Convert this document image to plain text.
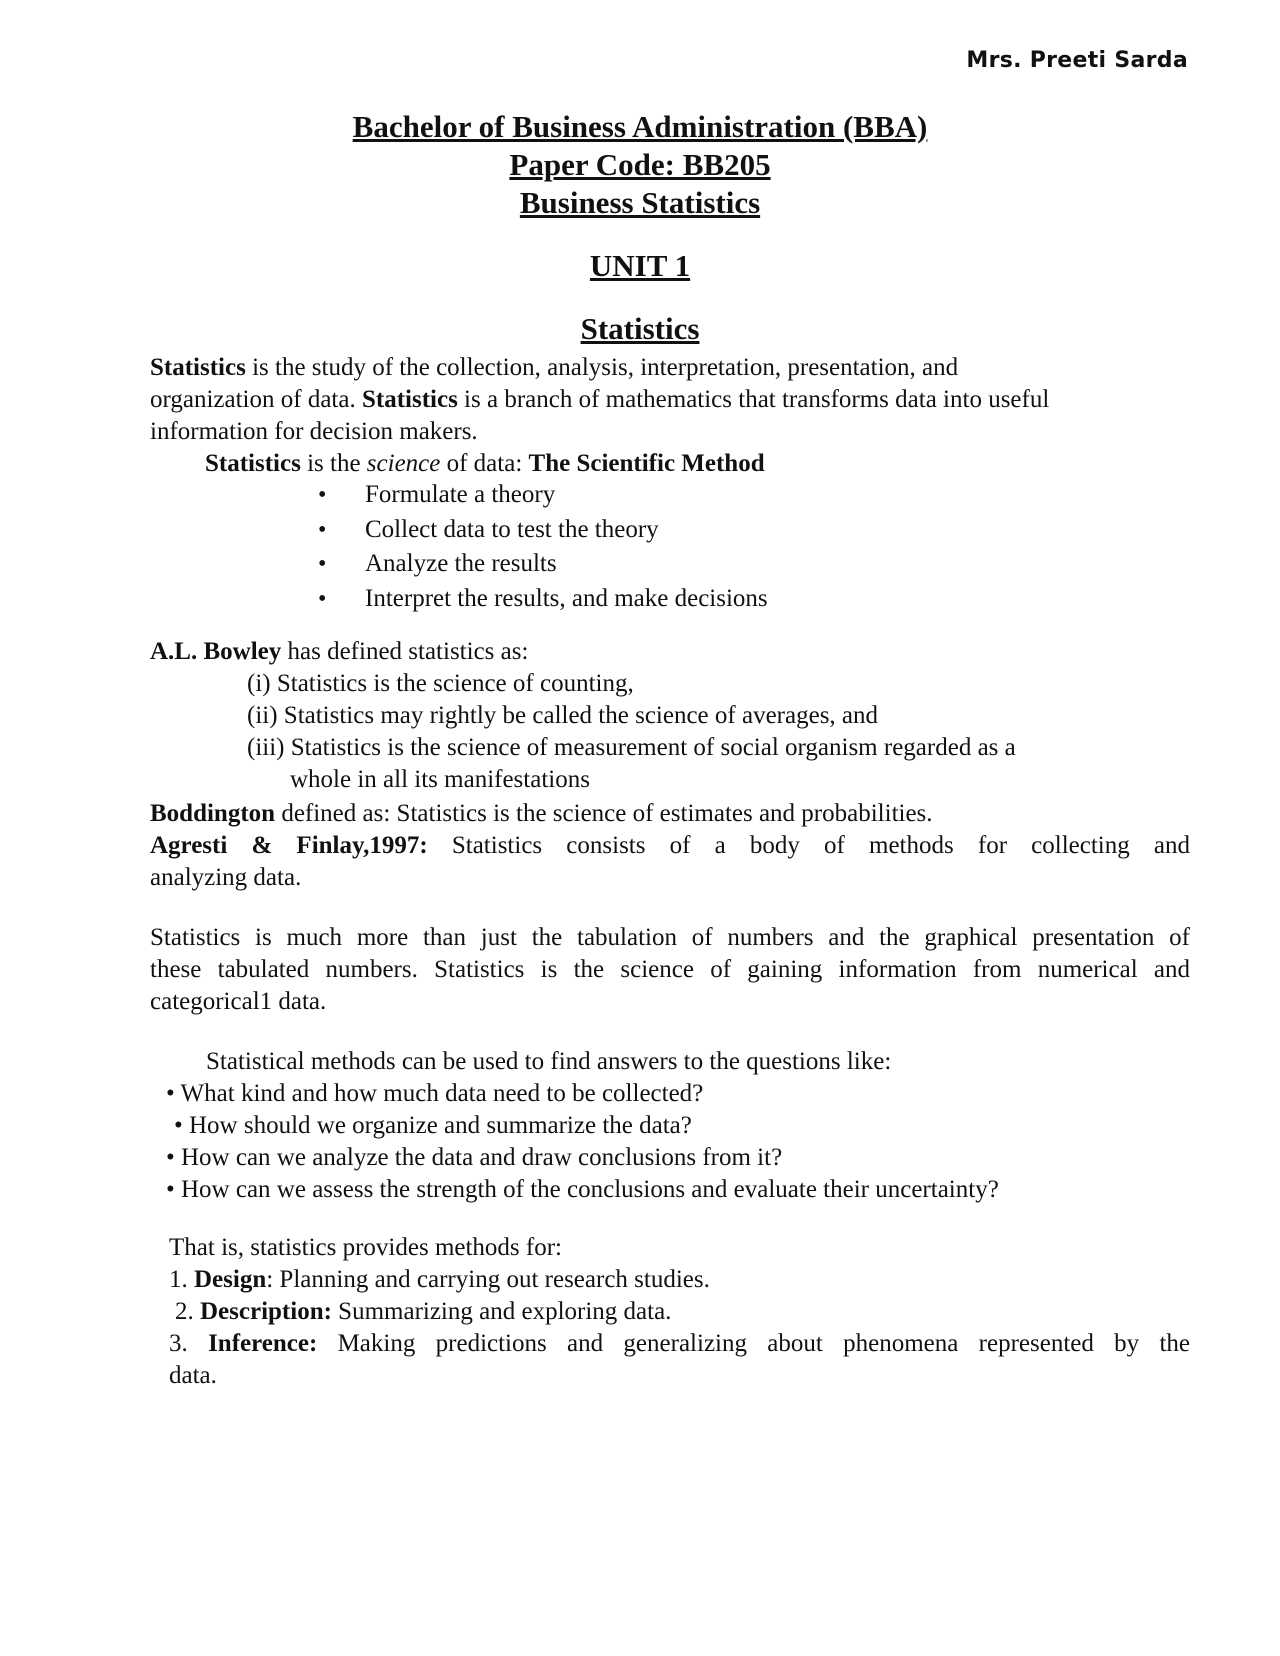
Mrs. Preeti Sarda
Bachelor of Business Administration (BBA)
Paper Code: BB205
Business Statistics
UNIT 1
Statistics
Statistics is the study of the collection, analysis, interpretation, presentation, and
organization of data. Statistics is a branch of mathematics that transforms data into useful
information for decision makers.
Statistics is the science of data: The Scientific Method
• Formulate a theory
• Collect data to test the theory
• Analyze the results
• Interpret the results, and make decisions
A.L. Bowley has defined statistics as:
(i) Statistics is the science of counting,
(ii) Statistics may rightly be called the science of averages, and
(iii) Statistics is the science of measurement of social organism regarded as a
whole in all its manifestations
Boddington defined as: Statistics is the science of estimates and probabilities.
Agresti & Finlay,1997: Statistics consists of a body of methods for collecting and
analyzing data.
Statistics is much more than just the tabulation of numbers and the graphical presentation of
these tabulated numbers. Statistics is the science of gaining information from numerical and
categorical1 data.
Statistical methods can be used to find answers to the questions like:
• What kind and how much data need to be collected?
• How should we organize and summarize the data?
• How can we analyze the data and draw conclusions from it?
• How can we assess the strength of the conclusions and evaluate their uncertainty?
That is, statistics provides methods for:
1. Design: Planning and carrying out research studies.
2. Description: Summarizing and exploring data.
3. Inference: Making predictions and generalizing about phenomena represented by the
data.
